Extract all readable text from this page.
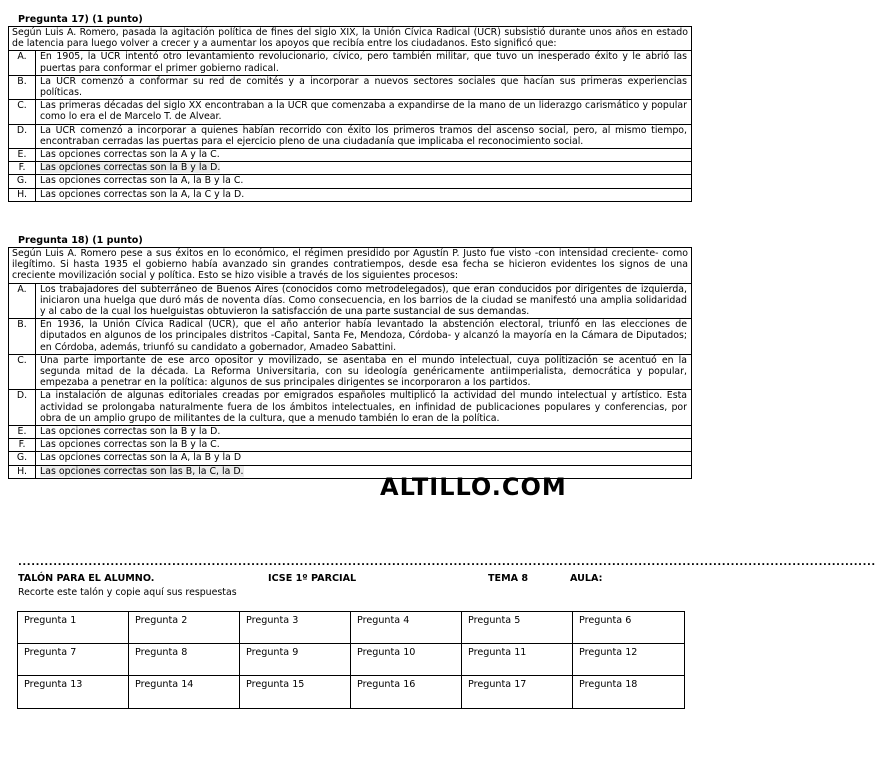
Pregunta 17) (1 punto)
Según Luis A. Romero, pasada la agitación política de fines del siglo XIX, la Unión Cívica Radical (UCR) subsistió durante unos años en estado de latencia para luego volver a crecer y a aumentar los apoyos que recibía entre los ciudadanos. Esto significó que:
A.	En 1905, la UCR intentó otro levantamiento revolucionario, cívico, pero también militar, que tuvo un inesperado éxito y le abrió las puertas para conformar el primer gobierno radical.
B.	La UCR comenzó a conformar su red de comités y a incorporar a nuevos sectores sociales que hacían sus primeras experiencias políticas.
C.	Las primeras décadas del siglo XX encontraban a la UCR que comenzaba a expandirse de la mano de un liderazgo carismático y popular como lo era el de Marcelo T. de Alvear.
D.	La UCR comenzó a incorporar a quienes habían recorrido con éxito los primeros tramos del ascenso social, pero, al mismo tiempo, encontraban cerradas las puertas para el ejercicio pleno de una ciudadanía que implicaba el reconocimiento social.
E.	Las opciones correctas son la A y la C.
F.	Las opciones correctas son la B y la D.
G.	Las opciones correctas son la A, la B y la C.
H.	Las opciones correctas son la A, la C y la D.
Pregunta 18) (1 punto)
Según Luis A. Romero pese a sus éxitos en lo económico, el régimen presidido por Agustín P. Justo fue visto -con intensidad creciente- como ilegítimo. Si hasta 1935 el gobierno había avanzado sin grandes contratiempos, desde esa fecha se hicieron evidentes los signos de una creciente movilización social y política. Esto se hizo visible a través de los siguientes procesos:
A.	Los trabajadores del subterráneo de Buenos Aires (conocidos como metrodelegados), que eran conducidos por dirigentes de izquierda, iniciaron una huelga que duró más de noventa días. Como consecuencia, en los barrios de la ciudad se manifestó una amplia solidaridad y al cabo de la cual los huelguistas obtuvieron la satisfacción de una parte sustancial de sus demandas.
B.	En 1936, la Unión Cívica Radical (UCR), que el año anterior había levantado la abstención electoral, triunfó en las elecciones de diputados en algunos de los principales distritos -Capital, Santa Fe, Mendoza, Córdoba- y alcanzó la mayoría en la Cámara de Diputados; en Córdoba, además, triunfó su candidato a gobernador, Amadeo Sabattini.
C.	Una parte importante de ese arco opositor y movilizado, se asentaba en el mundo intelectual, cuya politización se acentuó en la segunda mitad de la década. La Reforma Universitaria, con su ideología genéricamente antiimperialista, democrática y popular, empezaba a penetrar en la política: algunos de sus principales dirigentes se incorporaron a los partidos.
D.	La instalación de algunas editoriales creadas por emigrados españoles multiplicó la actividad del mundo intelectual y artístico. Esta actividad se prolongaba naturalmente fuera de los ámbitos intelectuales, en infinidad de publicaciones populares y conferencias, por obra de un amplio grupo de militantes de la cultura, que a menudo también lo eran de la política.
E.	Las opciones correctas son la B y la D.
F.	Las opciones correctas son la B y la C.
G.	Las opciones correctas son la A, la B y la D
H.	Las opciones correctas son las B, la C, la D.
ALTILLO.COM
...................................................................................................................................................................................................
TALÓN PARA EL ALUMNO.	ICSE 1º PARCIAL	TEMA 8	AULA:
Recorte este talón y copie aquí sus respuestas
Pregunta 1	Pregunta 2	Pregunta 3	Pregunta 4	Pregunta 5	Pregunta 6
Pregunta 7	Pregunta 8	Pregunta 9	Pregunta 10	Pregunta 11	Pregunta 12
Pregunta 13	Pregunta 14	Pregunta 15	Pregunta 16	Pregunta 17	Pregunta 18
